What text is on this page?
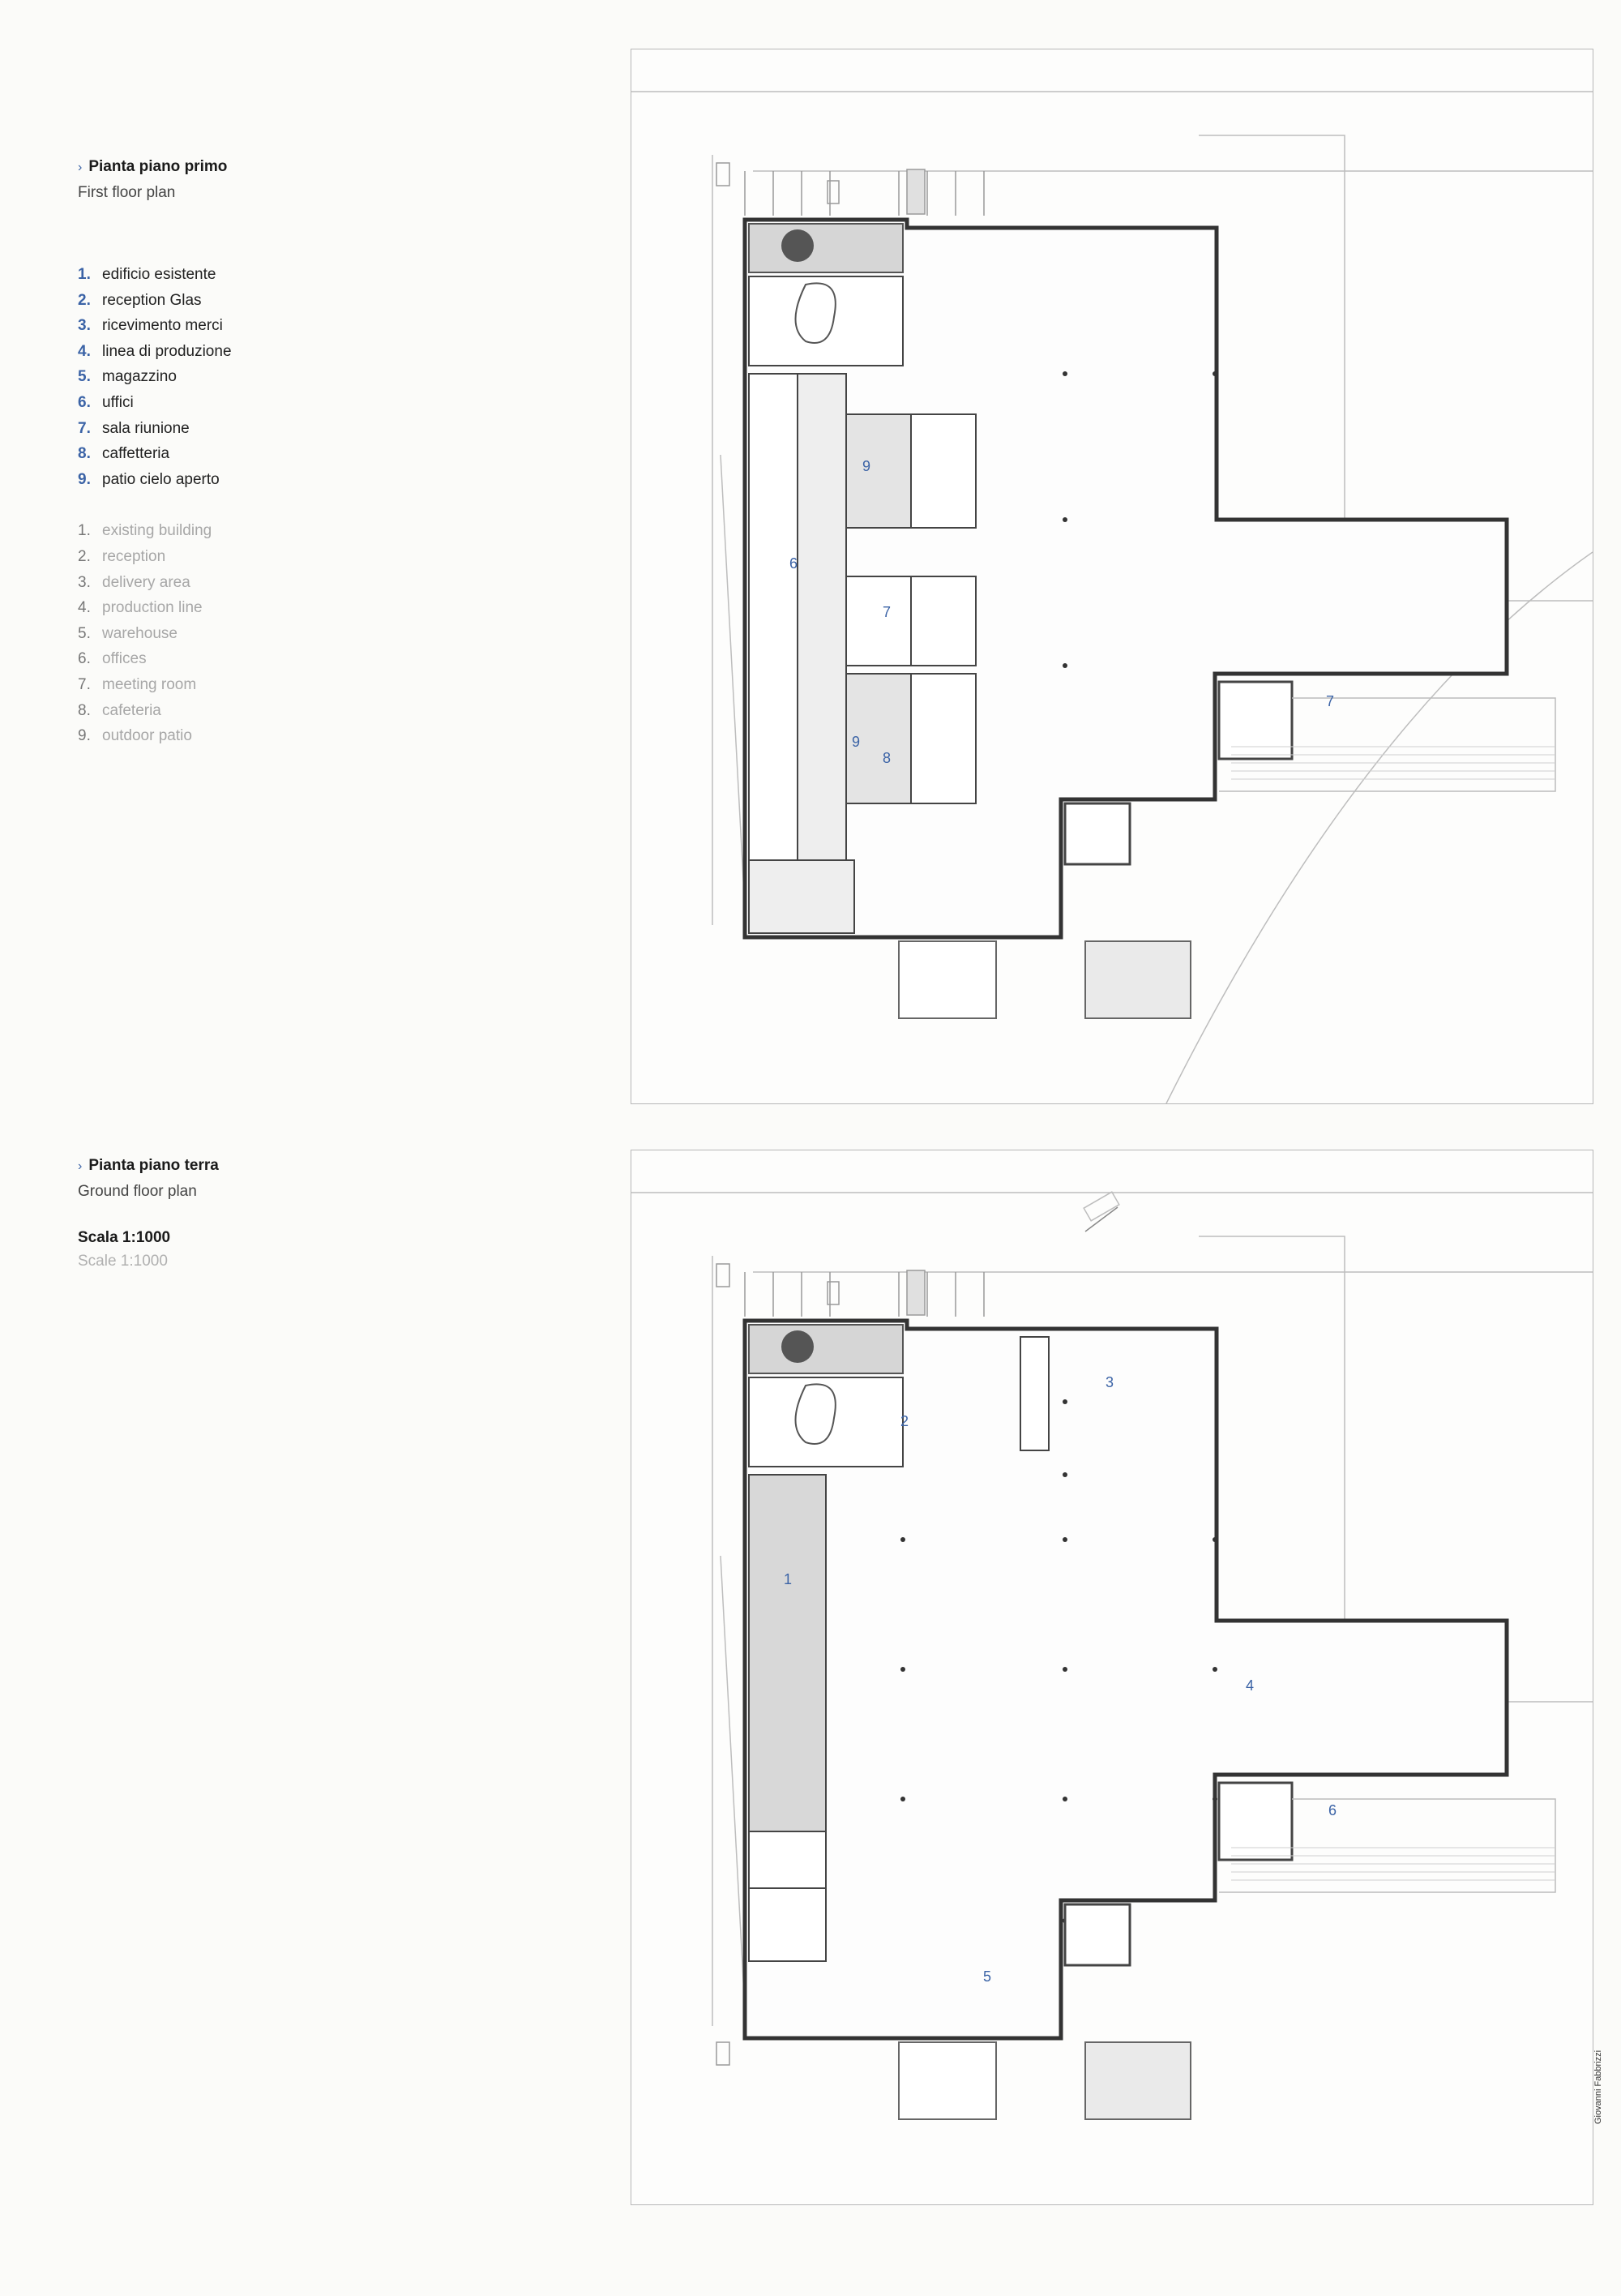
› Pianta piano primo

First floor plan

1. edificio esistente
2. reception Glas
3. ricevimento merci
4. linea di produzione
5. magazzino
6. uffici
7. sala riunione
8. caffetteria
9. patio cielo aperto
1. existing building
2. reception
3. delivery area
4. production line
5. warehouse
6. offices
7. meeting room
8. cafeteria
9. outdoor patio

› Pianta piano terra

Ground floor plan

Scala 1:1000

Scale 1:1000

9
6
7
9
8
7
3
2
1
4
6
5
Giovanni Fabbrizzi
